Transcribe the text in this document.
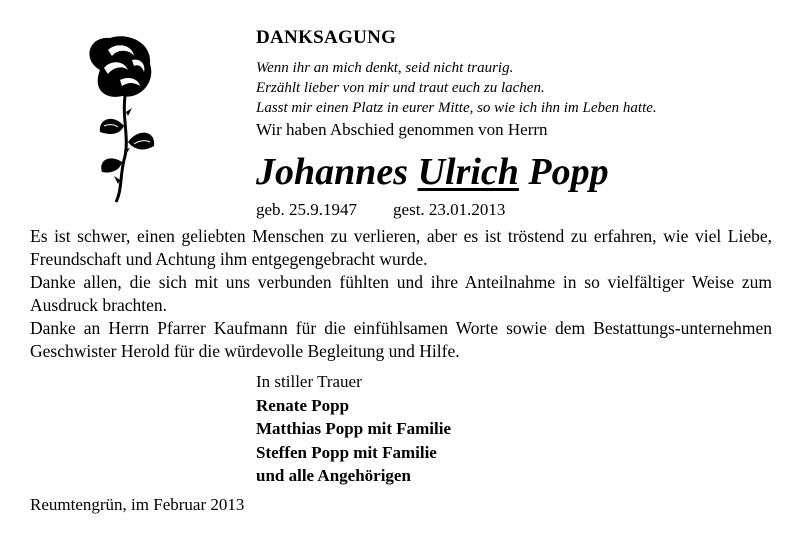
DANKSAGUNG
Wenn ihr an mich denkt, seid nicht traurig.
Erzählt lieber von mir und traut euch zu lachen.
Lasst mir einen Platz in eurer Mitte, so wie ich ihn im Leben hatte.
Wir haben Abschied genommen von Herrn
Johannes Ulrich Popp
geb. 25.9.1947 gest. 23.01.2013

Es ist schwer, einen geliebten Menschen zu verlieren, aber es ist tröstend zu erfahren, wie viel Liebe, Freundschaft und Achtung ihm entgegengebracht wurde.

Danke allen, die sich mit uns verbunden fühlten und ihre Anteilnahme in so vielfältiger Weise zum Ausdruck brachten.

Danke an Herrn Pfarrer Kaufmann für die einfühlsamen Worte sowie dem Bestattungs-unternehmen Geschwister Herold für die würdevolle Begleitung und Hilfe.

In stiller Trauer
Renate Popp
Matthias Popp mit Familie
Steffen Popp mit Familie
und alle Angehörigen
Reumtengrün, im Februar 2013
